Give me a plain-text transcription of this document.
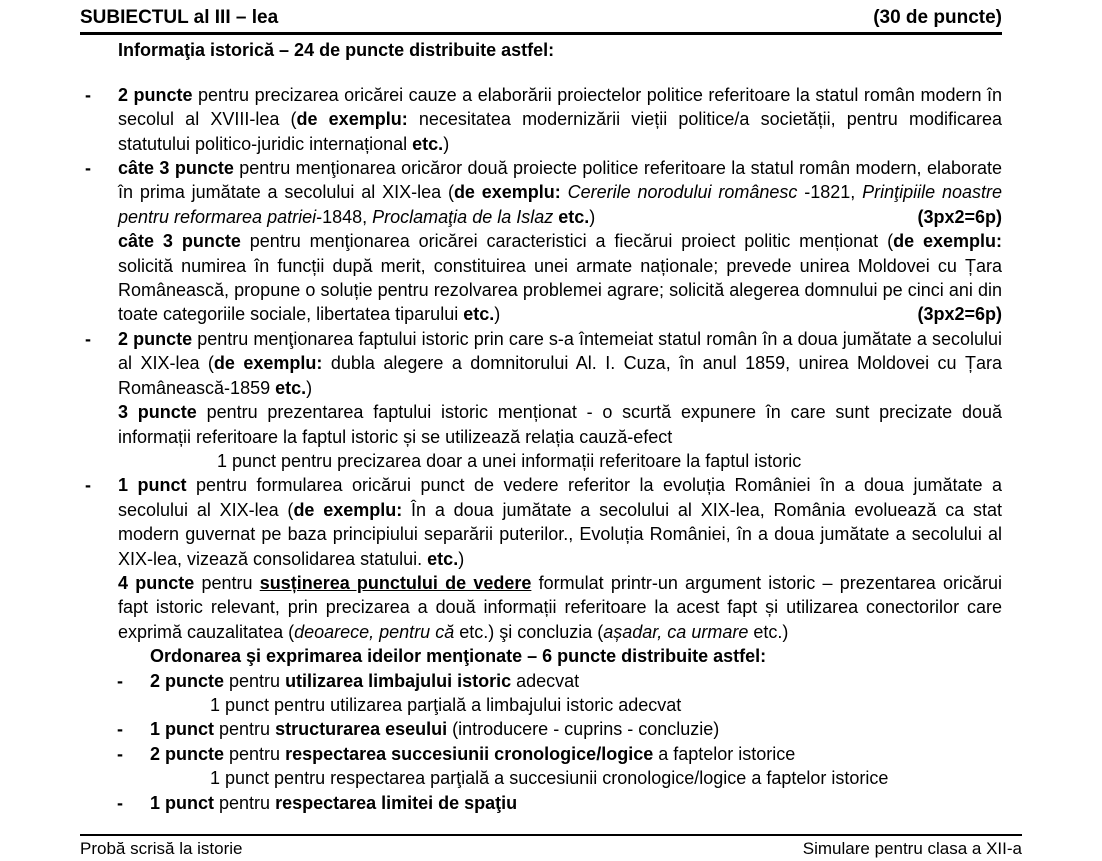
SUBIECTUL al III – lea	(30 de puncte)
Informaţia istorică – 24 de puncte distribuite astfel:
- 2 puncte pentru precizarea oricărei cauze a elaborării proiectelor politice referitoare la statul român modern în secolul al XVIII-lea (de exemplu: necesitatea modernizării vieții politice/a societății, pentru modificarea statutului politico-juridic internațional etc.)
- câte 3 puncte pentru menţionarea oricăror două proiecte politice referitoare la statul român modern, elaborate în prima jumătate a secolului al XIX-lea (de exemplu: Cererile norodului românesc -1821, Prinţipiile noastre pentru reformarea patriei-1848, Proclamaţia de la Islaz etc.)	(3px2=6p)
câte 3 puncte pentru menţionarea oricărei caracteristici a fiecărui proiect politic menționat (de exemplu: solicită numirea în funcții după merit, constituirea unei armate naționale; prevede unirea Moldovei cu Țara Românească, propune o soluție pentru rezolvarea problemei agrare; solicită alegerea domnului pe cinci ani din toate categoriile sociale, libertatea tiparului etc.)	(3px2=6p)
- 2 puncte pentru menţionarea faptului istoric prin care s-a întemeiat statul român în a doua jumătate a secolului al XIX-lea (de exemplu: dubla alegere a domnitorului Al. I. Cuza, în anul 1859, unirea Moldovei cu Țara Românească-1859 etc.)
3 puncte pentru prezentarea faptului istoric menționat - o scurtă expunere în care sunt precizate două informații referitoare la faptul istoric și se utilizează relația cauză-efect
1 punct pentru precizarea doar a unei informații referitoare la faptul istoric
- 1 punct pentru formularea oricărui punct de vedere referitor la evoluția României în a doua jumătate a secolului al XIX-lea (de exemplu: În a doua jumătate a secolului al XIX-lea, România evoluează ca stat modern guvernat pe baza principiului separării puterilor., Evoluția României, în a doua jumătate a secolului al XIX-lea, vizează consolidarea statului. etc.)
4 puncte pentru susținerea punctului de vedere formulat printr-un argument istoric – prezentarea oricărui fapt istoric relevant, prin precizarea a două informații referitoare la acest fapt și utilizarea conectorilor care exprimă cauzalitatea (deoarece, pentru că etc.) şi concluzia (așadar, ca urmare etc.)
Ordonarea şi exprimarea ideilor menţionate – 6 puncte distribuite astfel:
- 2 puncte pentru utilizarea limbajului istoric adecvat
1 punct pentru utilizarea parţială a limbajului istoric adecvat
- 1 punct pentru structurarea eseului (introducere - cuprins - concluzie)
- 2 puncte pentru respectarea succesiunii cronologice/logice a faptelor istorice
1 punct pentru respectarea parţială a succesiunii cronologice/logice a faptelor istorice
- 1 punct pentru respectarea limitei de spaţiu
Probă scrisă la istorie	Simulare pentru clasa a XII-a
